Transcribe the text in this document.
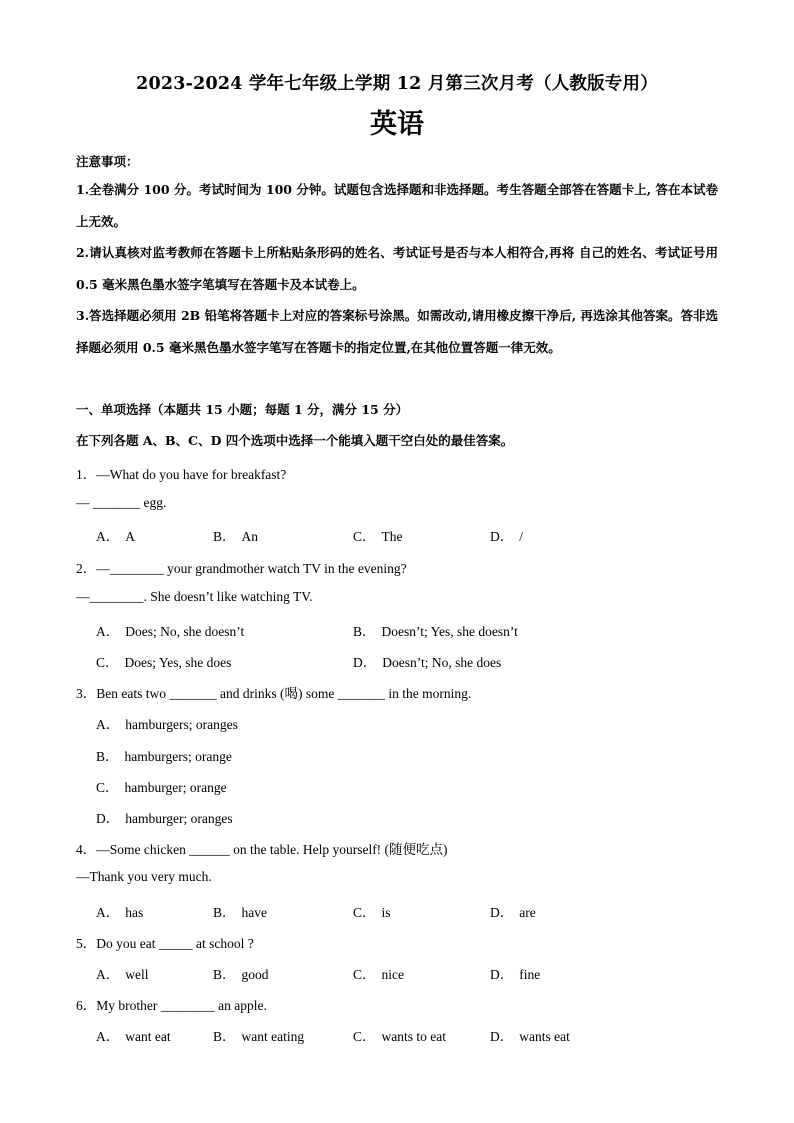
2023-2024 学年七年级上学期 12 月第三次月考（人教版专用）
英语
注意事项：
1.全卷满分 100 分。考试时间为 100 分钟。试题包含选择题和非选择题。考生答题全部答在答题卡上, 答在本试卷上无效。
2.请认真核对监考教师在答题卡上所粘贴条形码的姓名、考试证号是否与本人相符合,再将 自己的姓名、考试证号用 0.5 毫米黑色墨水签字笔填写在答题卡及本试卷上。
3.答选择题必须用 2B 铅笔将答题卡上对应的答案标号涂黑。如需改动,请用橡皮擦干净后, 再选涂其他答案。答非选择题必须用 0.5 毫米黑色墨水签字笔写在答题卡的指定位置,在其他位置答题一律无效。
一、单项选择（本题共 15 小题；每题 1 分，满分 15 分）
在下列各题 A、B、C、D 四个选项中选择一个能填入题干空白处的最佳答案。
1．—What do you have for breakfast?
— _______ egg.
A． A	B． An	C． The	D． /
2．—________ your grandmother watch TV in the evening?
—________. She doesn’t like watching TV.
A． Does; No, she doesn’t	B． Doesn’t; Yes, she doesn’t
C． Does; Yes, she does	D． Doesn’t; No, she does
3．Ben eats two _______ and drinks (喝) some _______ in the morning.
A． hamburgers; oranges
B． hamburgers; orange
C． hamburger; orange
D． hamburger; oranges
4．—Some chicken ______ on the table. Help yourself! (随便吃点)
—Thank you very much.
A． has	B． have	C． is	D． are
5．Do you eat _____ at school ?
A． well	B． good	C． nice	D． fine
6．My brother ________ an apple.
A． want eat	B． want eating	C． wants to eat	D． wants eat
